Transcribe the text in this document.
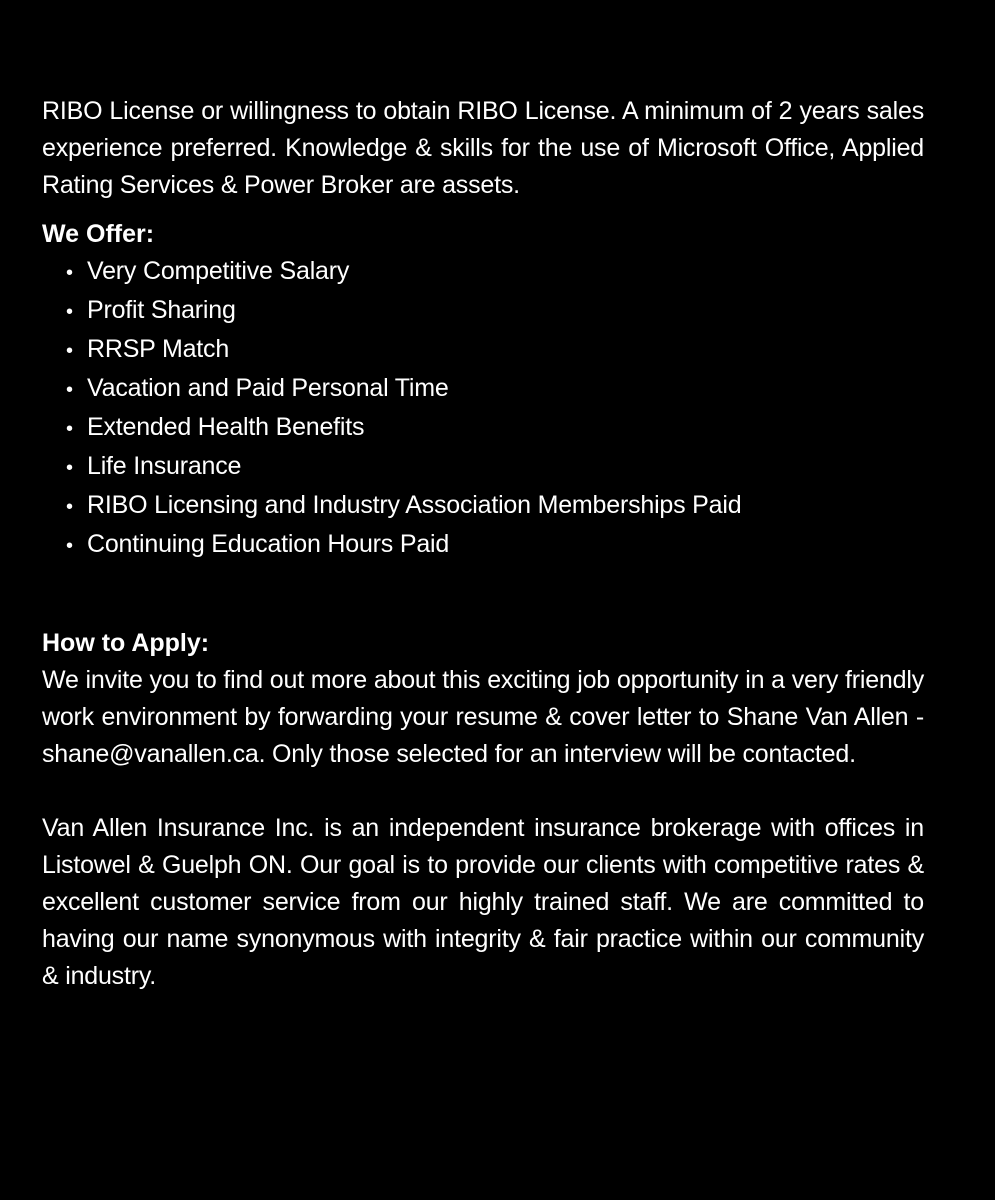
RIBO License or willingness to obtain RIBO License. A minimum of 2 years sales experience preferred. Knowledge & skills for the use of Microsoft Office, Applied Rating Services & Power Broker are assets.

We Offer:
• Very Competitive Salary
• Profit Sharing
• RRSP Match
• Vacation and Paid Personal Time
• Extended Health Benefits
• Life Insurance
• RIBO Licensing and Industry Association Memberships Paid
• Continuing Education Hours Paid
How to Apply:

We invite you to find out more about this exciting job opportunity in a very friendly work environment by forwarding your resume & cover letter to Shane Van Allen - shane@vanallen.ca. Only those selected for an interview will be contacted.

Van Allen Insurance Inc. is an independent insurance brokerage with offices in Listowel & Guelph ON. Our goal is to provide our clients with competitive rates & excellent customer service from our highly trained staff. We are committed to having our name synonymous with integrity & fair practice within our community & industry.
